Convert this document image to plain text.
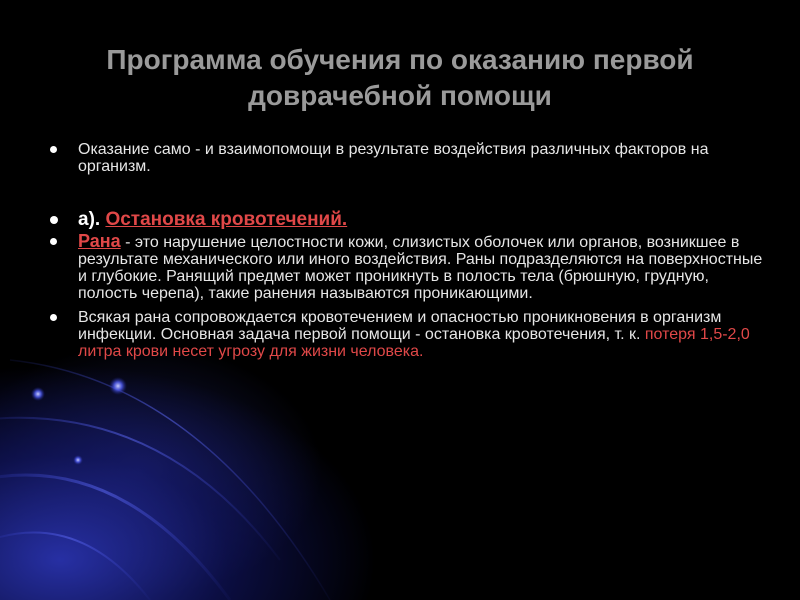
Программа обучения по оказанию первой
доврачебной помощи
Оказание само - и взаимопомощи в результате воздействия различных факторов на организм.
а). Остановка кровотечений.
Рана - это нарушение целостности кожи, слизистых оболочек или органов, возникшее в результате механического или иного воздействия. Раны подразделяются на поверхностные и глубокие. Ранящий предмет может проникнуть в полость тела (брюшную, грудную, полость черепа), такие ранения называются проникающими.
Всякая рана сопровождается кровотечением и опасностью проникновения в организм инфекции. Основная задача первой помощи - остановка кровотечения, т. к. потеря 1,5-2,0 литра крови несет угрозу для жизни человека.
